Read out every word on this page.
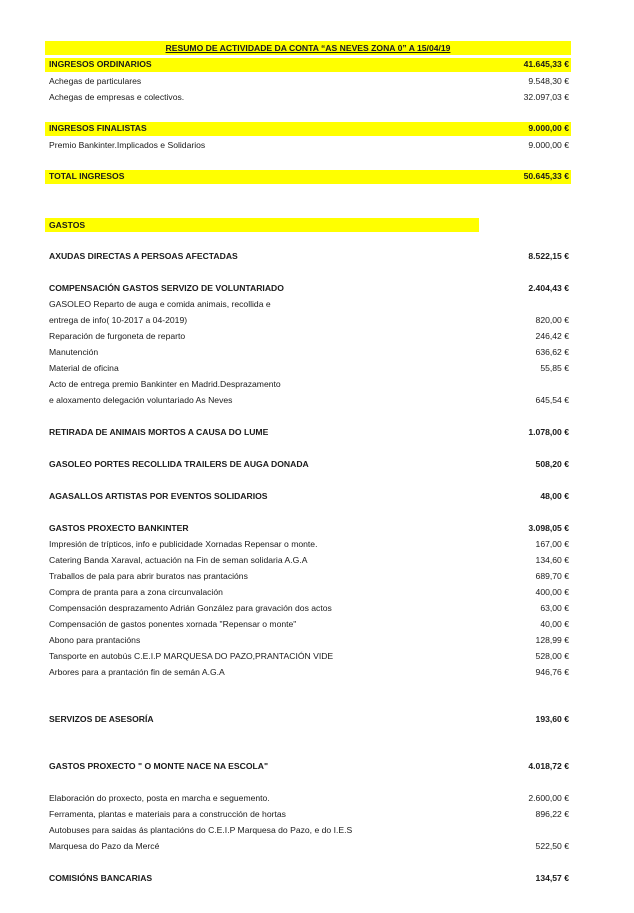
RESUMO DE ACTIVIDADE DA CONTA “AS NEVES ZONA 0” A 15/04/19
INGRESOS ORDINARIOS	41.645,33 €
Achegas de particulares	9.548,30 €
Achegas de empresas e colectivos.	32.097,03 €
INGRESOS FINALISTAS	9.000,00 €
Premio Bankinter.Implicados e Solidarios	9.000,00 €
TOTAL INGRESOS	50.645,33 €
GASTOS
AXUDAS DIRECTAS A PERSOAS AFECTADAS	8.522,15 €
COMPENSACIÓN GASTOS SERVIZO DE VOLUNTARIADO	2.404,43 €
GASOLEO Reparto de auga e comida animais, recollida e
entrega de info( 10-2017 a 04-2019)	820,00 €
Reparación de furgoneta de reparto	246,42 €
Manutención	636,62 €
Material de oficina	55,85 €
Acto de entrega premio Bankinter en Madrid.Desprazamento
e aloxamento delegación voluntariado As Neves	645,54 €
RETIRADA DE ANIMAIS MORTOS A CAUSA DO LUME	1.078,00 €
GASOLEO PORTES RECOLLIDA TRAILERS DE AUGA DONADA	508,20 €
AGASALLOS ARTISTAS POR EVENTOS SOLIDARIOS	48,00 €
GASTOS PROXECTO BANKINTER	3.098,05 €
Impresión de trípticos, info e publicidade Xornadas Repensar o monte.	167,00 €
Catering Banda Xaraval, actuación na Fin de seman solidaria A.G.A	134,60 €
Traballos de pala para abrir buratos nas prantacións	689,70 €
Compra de pranta para a zona circunvalación	400,00 €
Compensación desprazamento Adrián González para gravación dos actos	63,00 €
Compensación de gastos ponentes xornada "Repensar o monte"	40,00 €
Abono para prantacións	128,99 €
Tansporte en autobús C.E.I.P MARQUESA DO PAZO,PRANTACIÓN VIDE	528,00 €
Arbores para a prantación fin de semán A.G.A	946,76 €
SERVIZOS DE ASESORÍA	193,60 €
GASTOS PROXECTO " O MONTE NACE NA ESCOLA"	4.018,72 €
Elaboración do proxecto, posta en marcha e seguemento.	2.600,00 €
Ferramenta, plantas e materiais para a construcción de hortas	896,22 €
Autobuses para saidas ás plantacións do C.E.I.P Marquesa do Pazo, e do I.E.S
Marquesa do Pazo da Mercé	522,50 €
COMISIÓNS BANCARIAS	134,57 €
